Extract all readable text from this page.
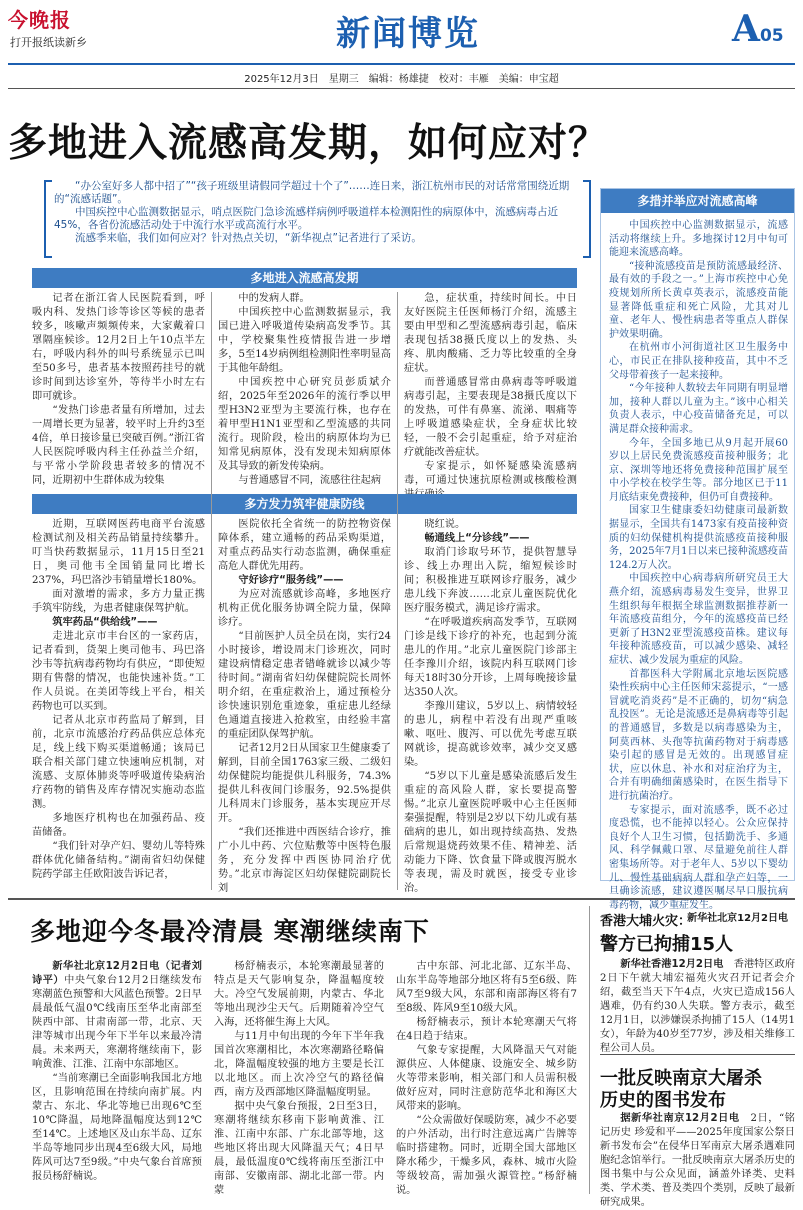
今晚报
打开报纸读新乡	新闻博览	A05
2025年12月3日　星期三　编辑：杨雄捷　校对：丰雁　美编：申宝超
多地进入流感高发期，如何应对？

“办公室好多人都中招了”“孩子班级里请假同学超过十个了”……连日来，浙江杭州市民的对话常常围绕近期的“流感话题”。

中国疾控中心监测数据显示，哨点医院门急诊流感样病例呼吸道样本检测阳性的病原体中，流感病毒占近45%，各省份流感活动处于中流行水平或高流行水平。

流感季来临，我们如何应对？针对热点关切，“新华视点”记者进行了采访。

多地进入流感高发期

记者在浙江省人民医院看到，呼吸内科、发热门诊等诊区等候的患者较多，咳嗽声频频传来，大家戴着口罩隔座候诊。12月2日上午10点半左右，呼吸内科外的叫号系统显示已叫至50多号，患者基本按照药挂号的就诊时间到达诊室外，等待半小时左右即可就诊。

“发热门诊患者量有所增加，过去一周增长更为显著，较平时上升约3至4倍，单日接诊量已突破百例。”浙江省人民医院呼吸内科主任孙益兰介绍，与平常小学阶段患者较多的情况不同，近期初中生群体成为较集

中的发病人群。

中国疾控中心监测数据显示，我国已进入呼吸道传染病高发季节。其中，学校聚集性疫情报告进一步增多，5至14岁病例组检测阳性率明显高于其他年龄组。

中国疾控中心研究员彭质斌介绍，2025年至2026年的流行季以甲型H3N2亚型为主要流行株，也存在着甲型H1N1亚型和乙型流感的共同流行。现阶段，检出的病原体均为已知常见病原体，没有发现未知病原体及其导致的新发传染病。

与普通感冒不同，流感往往起病

急，症状重，持续时间长。中日友好医院主任医师杨汀介绍，流感主要由甲型和乙型流感病毒引起，临床表现包括38摄氏度以上的发热、头疼、肌肉酸痛、乏力等比较重的全身症状。

而普通感冒常由鼻病毒等呼吸道病毒引起，主要表现是38摄氏度以下的发热，可伴有鼻塞、流涕、咽痛等上呼吸道感染症状，全身症状比较轻，一般不会引起重症，给予对症治疗就能改善症状。

专家提示，如怀疑感染流感病毒，可通过快速抗原检测或核酸检测

多方发力筑牢健康防线

近期，互联网医药电商平台流感检测试剂及相关药品销量持续攀升。叮当快药数据显示，11月15日至21日，奥司他韦全国销量同比增长237%，玛巴洛沙韦销量增长180%。

面对激增的需求，多方力量正携手筑牢防线，为患者健康保驾护航。

筑牢药品“供给线”——

走进北京市丰台区的一家药店，记者看到，货架上奥司他韦、玛巴洛沙韦等抗病毒药物均有供应，“即使短期有售罄的情况，也能快速补货。”工作人员说。在美团等线上平台，相关药物也可以买到。

记者从北京市药监局了解到，目前，北京市流感治疗药品供应总体充足，线上线下购买渠道畅通；该局已联合相关部门建立快速响应机制，对流感、支原体肺炎等呼吸道传染病治疗药物的销售及库存情况实施动态监测。

多地医疗机构也在加强药品、疫苗储备。

“我们针对孕产妇、婴幼儿等特殊群体优化储备结构。”湖南省妇幼保健院药学部主任欧阳波告诉记者，

医院依托全省统一的防控物资保障体系，建立通畅的药品采购渠道，对重点药品实行动态监测，确保重症高危人群优先用药。

守好诊疗“服务线”——

为应对流感就诊高峰，多地医疗机构正优化服务协调全院力量，保障诊疗。

“目前医护人员全员在岗，实行24小时接诊，增设周末门诊班次，同时建设病情稳定患者错峰就诊以减少等待时间。”湖南省妇幼保健院院长周怀明介绍，在重症救治上，通过预检分诊快速识别危重迹象，重症患儿经绿色通道直接进入抢救室，由经验丰富的重症团队保驾护航。

记者12月2日从国家卫生健康委了解到，目前全国1763家三级、二级妇幼保健院均能提供儿科服务，74.3%提供儿科夜间门诊服务，92.5%提供儿科周末门诊服务，基本实现应开尽开。

“我们还推进中西医结合诊疗，推广小儿中药、穴位贴敷等中医特色服务，充分发挥中西医协同治疗优势。”北京市海淀区妇幼保健院副院长刘

晓红说。

畅通线上“分诊线”——

取消门诊取号环节，提供智慧导诊、线上办理出入院，缩短候诊时间；积极推进互联网诊疗服务，减少患儿线下奔波……北京儿童医院优化医疗服务模式，满足诊疗需求。

“在呼吸道疾病高发季节，互联网门诊是线下诊疗的补充，也起到分流患儿的作用。”北京儿童医院门诊部主任李豫川介绍，该院内科互联网门诊每天18时30分开诊，上周每晚接诊量达350人次。

李豫川建议，5岁以上、病情较轻的患儿，病程中若没有出现严重咳嗽、呕吐、腹泻、可以优先考虑互联网就诊，提高就诊效率，减少交叉感染。

“5岁以下儿童是感染流感后发生重症的高风险人群，家长要提高警惕。”北京儿童医院呼吸中心主任医师秦强提醒，特别是2岁以下幼儿或有基础病的患儿，如出现持续高热、发热后常规退烧药效果不佳、精神差、活动能力下降、饮食量下降或腹泻脱水等表现，需及时就医，接受专业诊治。

多措并举应对流感高峰

中国疾控中心监测数据显示，流感活动将继续上升。多地探讨12月中旬可能迎来流感高峰。

“接种流感疫苗是预防流感最经济、最有效的手段之一。”上海市疾控中心免疫规划所所长黄卓英表示，流感疫苗能显著降低重症和死亡风险，尤其对儿童、老年人、慢性病患者等重点人群保护效果明确。

在杭州市小河街道社区卫生服务中心，市民正在排队接种疫苗，其中不乏父母带着孩子一起来接种。

“今年接种人数较去年同期有明显增加，接种人群以儿童为主。”该中心相关负责人表示，中心疫苗储备充足，可以满足群众接种需求。

今年，全国多地已从9月起开展60岁以上居民免费流感疫苗接种服务；北京、深圳等地还将免费接种范围扩展至中小学校在校学生等。部分地区已于11月底结束免费接种，但仍可自费接种。

国家卫生健康委妇幼健康司最新数据显示，全国共有1473家有疫苗接种资质的妇幼保健机构提供流感疫苗接种服务，2025年7月1日以来已接种流感疫苗124.2万人次。

中国疾控中心病毒病所研究员王大燕介绍，流感病毒易发生变异，世界卫生组织每年根据全球监测数据推荐新一年流感疫苗组分，今年的流感疫苗已经更新了H3N2亚型流感疫苗株。建议每年接种流感疫苗，可以减少感染、减轻症状、减少发展为重症的风险。

首都医科大学附属北京地坛医院感染性疾病中心主任医师宋蕊提示，“一感冒就吃消炎药”是不正确的，切勿“病急乱投医”。无论是流感还是鼻病毒等引起的普通感冒，多数是以病毒感染为主，阿莫西林、头孢等抗菌药物对于病毒感染引起的感冒是无效的。出现感冒症状，应以休息、补水和对症治疗为主，合并有明确细菌感染时，在医生指导下进行抗菌治疗。

专家提示，面对流感季，既不必过度恐慌，也不能掉以轻心。公众应保持良好个人卫生习惯，包括勤洗手、多通风、科学佩戴口罩、尽量避免前往人群密集场所等。对于老年人、5岁以下婴幼儿、慢性基础病病人群和孕产妇等，一旦确诊流感，建议遵医嘱尽早口服抗病毒药物，减少重症发生。

新华社北京12月2日电

多地迎今冬最冷清晨 寒潮继续南下

新华社北京12月2日电（记者刘诗平）中央气象台12月2日继续发布寒潮蓝色预警和大风蓝色预警。2日早晨最低气温0℃线南压至华北南部至陕西中部、甘肃南部一带，北京、天津等城市出现今年下半年以来最冷清晨。未来两天，寒潮将继续南下，影响黄淮、江淮、江南中东部地区。

“当前寒潮已全面影响我国北方地区，且影响范围在持续向南扩展。内蒙古、东北、华北等地已出现6℃至10℃降温，局地降温幅度达到12℃至14℃。上述地区及山东半岛、辽东半岛等地同步出现4至6级大风，局地阵风可达7至9级。”中央气象台首席预报员杨舒楠说。

杨舒楠表示，本轮寒潮最显著的特点是天气影响复杂，降温幅度较大。冷空气发展前期，内蒙古、华北等地出现沙尘天气。后期随着冷空气入海，还将催生海上大风。

与11月中旬出现的今年下半年我国首次寒潮相比，本次寒潮路径略偏北，降温幅度较强的地方主要是长江以北地区。而上次冷空气的路径偏西，南方及西部地区降温幅度明显。

据中央气象台预报，2日至3日，寒潮将继续东移南下影响黄淮、江淮、江南中东部、广东北部等地，这些地区将出现大风降温天气；4日早晨，最低温度0℃线将南压至浙江中南部、安徽南部、湖北北部一带。内蒙

古中东部、河北北部、辽东半岛、山东半岛等地部分地区将有5至6级、阵风7至9级大风，东部和南部海区将有7至8级、阵风9至10级大风。

杨舒楠表示，预计本轮寒潮天气将在4日趋于结束。

气象专家提醒，大风降温天气对能源供应、人体健康、设施安全、城乡防火等带来影响，相关部门和人员需积极做好应对，同时注意防范华北和海区大风带来的影响。

“公众需做好保暖防寒，减少不必要的户外活动，出行时注意远离广告牌等临时搭建物。同时，近期全国大部地区降水稀少，干燥多风，森林、城市火险等级较高，需加强火源管控。”杨舒楠说。

香港大埔火灾：
警方已拘捕15人

新华社香港12月2日电　 香港特区政府2日下午就大埔宏福苑火灾召开记者会介绍，截至当天下午4点，火灾已造成156人遇难，仍有约30人失联。警方表示，截至12月1日，以涉嫌误杀拘捕了15人（14男1女），年龄为40岁至77岁，涉及相关维修工程公司人员。

一批反映南京大屠杀
历史的图书发布

据新华社南京12月2日电　 2日，“铭记历史 珍爱和平——2025年度国家公祭日新书发布会”在侵华日军南京大屠杀遇难同胞纪念馆举行。一批反映南京大屠杀历史的图书集中与公众见面，涵盖外译类、史料类、学术类、普及类四个类别，反映了最新研究成果。
